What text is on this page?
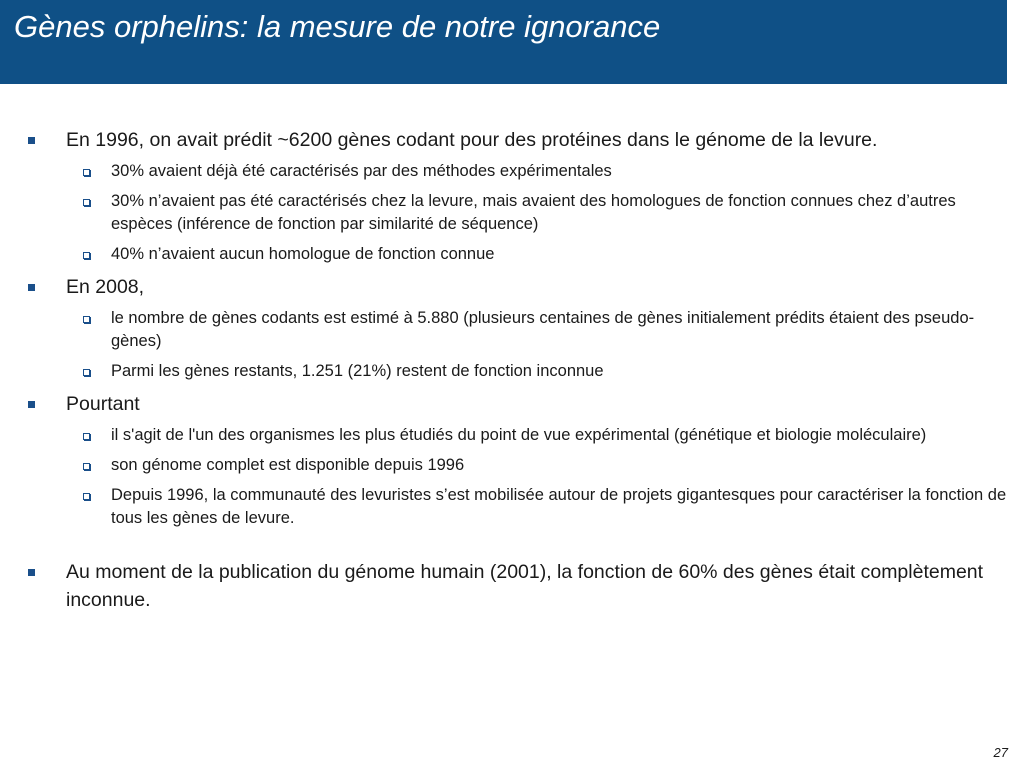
Gènes orphelins: la mesure de notre ignorance
En 1996, on avait prédit ~6200 gènes codant pour des protéines dans le génome de la levure.
30% avaient déjà été caractérisés par des méthodes expérimentales
30% n’avaient pas été caractérisés chez la levure, mais avaient des homologues de fonction connues chez d’autres espèces (inférence de fonction par similarité de séquence)
40% n’avaient aucun homologue de fonction connue
En 2008,
le nombre de gènes codants est estimé à 5.880 (plusieurs centaines de gènes initialement prédits étaient des pseudo-gènes)
Parmi les gènes restants, 1.251 (21%) restent de fonction inconnue
Pourtant
il s'agit de l'un des organismes les plus étudiés du point de vue expérimental (génétique et biologie moléculaire)
son génome complet est disponible depuis 1996
Depuis 1996, la communauté des levuristes s’est mobilisée autour de projets gigantesques pour caractériser la fonction de tous les gènes de levure.
Au moment de la publication du génome humain (2001), la fonction de 60% des gènes était complètement inconnue.
27
